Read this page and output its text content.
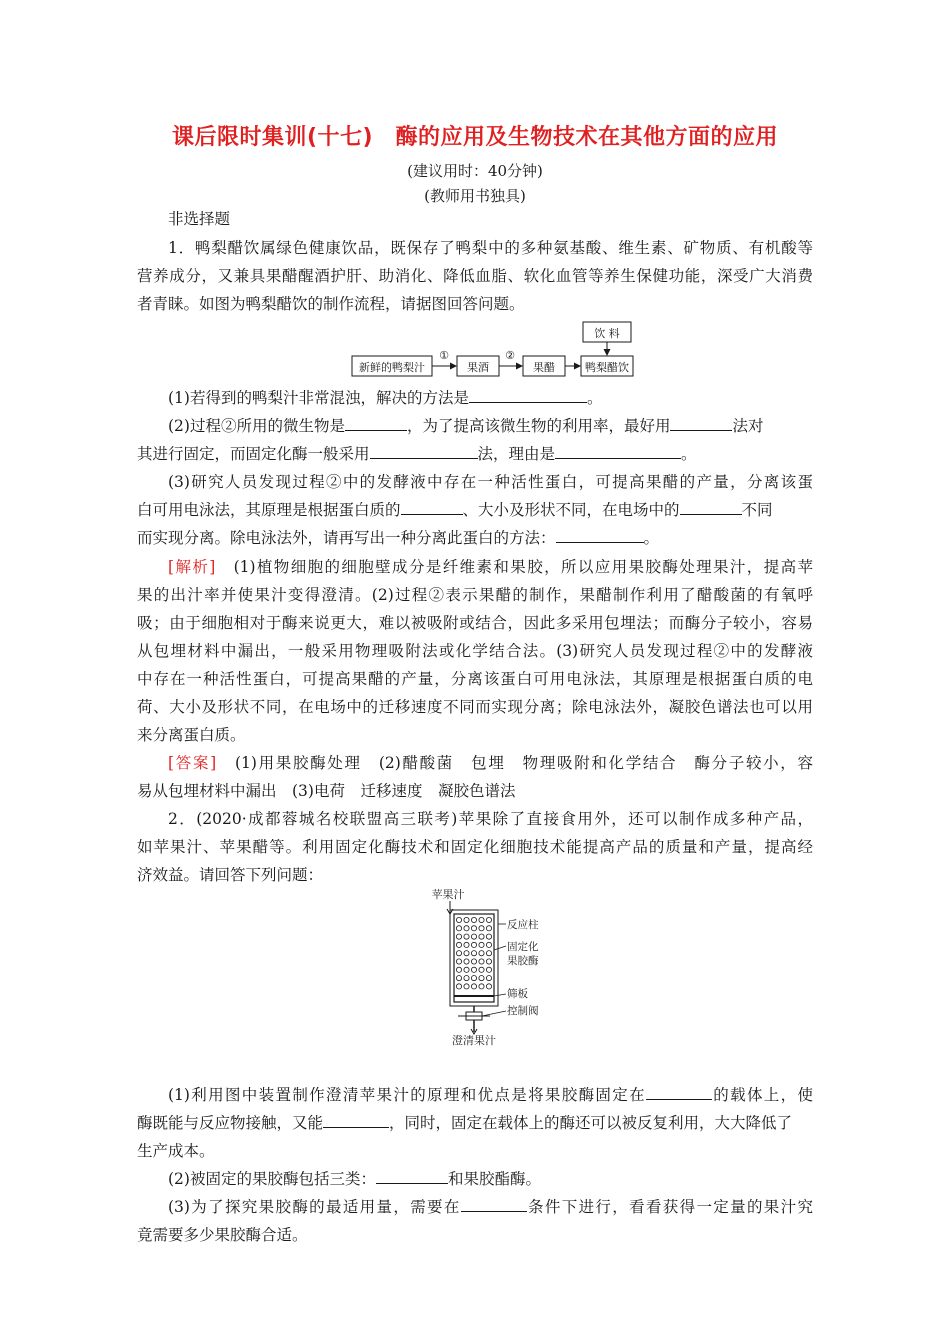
课后限时集训(十七)　酶的应用及生物技术在其他方面的应用
(建议用时：40分钟)
(教师用书独具)
非选择题
1．鸭梨醋饮属绿色健康饮品，既保存了鸭梨中的多种氨基酸、维生素、矿物质、有机酸等
营养成分，又兼具果醋醒酒护肝、助消化、降低血脂、软化血管等养生保健功能，深受广大消费
者青睐。如图为鸭梨醋饮的制作流程，请据图回答问题。
新鲜的鸭梨汁
①
果酒
②
果醋	鸭梨醋饮
饮 料
(1)若得到的鸭梨汁非常混浊，解决的方法是	。
(2)过程②所用的微生物是	，为了提高该微生物的利用率，最好用	法对
其进行固定，而固定化酶一般采用	法，理由是	。
(3)研究人员发现过程②中的发酵液中存在一种活性蛋白，可提高果醋的产量，分离该蛋
白可用电泳法，其原理是根据蛋白质的	、大小及形状不同，在电场中的	不同
而实现分离。除电泳法外，请再写出一种分离此蛋白的方法：	。
[解析]　(1)植物细胞的细胞壁成分是纤维素和果胶，所以应用果胶酶处理果汁，提高苹
果的出汁率并使果汁变得澄清。(2)过程②表示果醋的制作，果醋制作利用了醋酸菌的有氧呼
吸；由于细胞相对于酶来说更大，难以被吸附或结合，因此多采用包埋法；而酶分子较小，容易
从包埋材料中漏出，一般采用物理吸附法或化学结合法。(3)研究人员发现过程②中的发酵液
中存在一种活性蛋白，可提高果醋的产量，分离该蛋白可用电泳法，其原理是根据蛋白质的电
荷、大小及形状不同，在电场中的迁移速度不同而实现分离；除电泳法外，凝胶色谱法也可以用
来分离蛋白质。
[答案]　(1)用果胶酶处理　(2)醋酸菌　包埋　物理吸附和化学结合　酶分子较小，容
易从包埋材料中漏出　(3)电荷　迁移速度　凝胶色谱法
2．(2020·成都蓉城名校联盟高三联考)苹果除了直接食用外，还可以制作成多种产品，
如苹果汁、苹果醋等。利用固定化酶技术和固定化细胞技术能提高产品的质量和产量，提高经
济效益。请回答下列问题：
苹果汁
反应柱
固定化
果胶酶
筛板
控制阀
澄清果汁
(1)利用图中装置制作澄清苹果汁的原理和优点是将果胶酶固定在	的载体上，使
酶既能与反应物接触，又能	，同时，固定在载体上的酶还可以被反复利用，大大降低了
生产成本。
(2)被固定的果胶酶包括三类：	和果胶酯酶。
(3)为了探究果胶酶的最适用量，需要在	条件下进行，看看获得一定量的果汁究
竟需要多少果胶酶合适。
